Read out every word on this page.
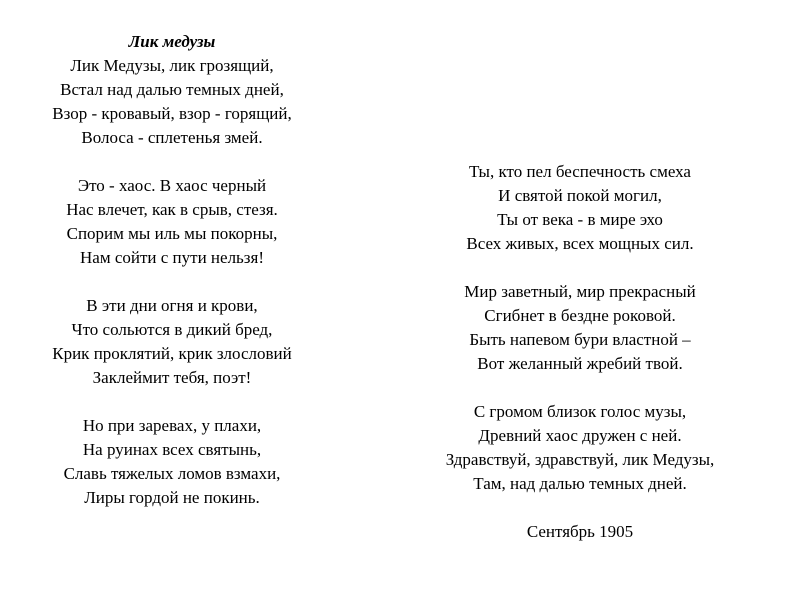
Лик медузы
Лик Медузы, лик грозящий,
Встал над далью темных дней,
Взор - кровавый, взор - горящий,
Волоса - сплетенья змей.
Это - хаос. В хаос черный
Нас влечет, как в срыв, стезя.
Спорим мы иль мы покорны,
Нам сойти с пути нельзя!
В эти дни огня и крови,
Что сольются в дикий бред,
Крик проклятий, крик злословий
Заклеймит тебя, поэт!
Но при заревах, у плахи,
На руинах всех святынь,
Славь тяжелых ломов взмахи,
Лиры гордой не покинь.
Ты, кто пел беспечность смеха
И святой покой могил,
Ты от века - в мире эхо
Всех живых, всех мощных сил.
Мир заветный, мир прекрасный
Сгибнет в бездне роковой.
Быть напевом бури властной –
Вот желанный жребий твой.
С громом близок голос музы,
Древний хаос дружен с ней.
Здравствуй, здравствуй, лик Медузы,
Там, над далью темных дней.
Сентябрь 1905
